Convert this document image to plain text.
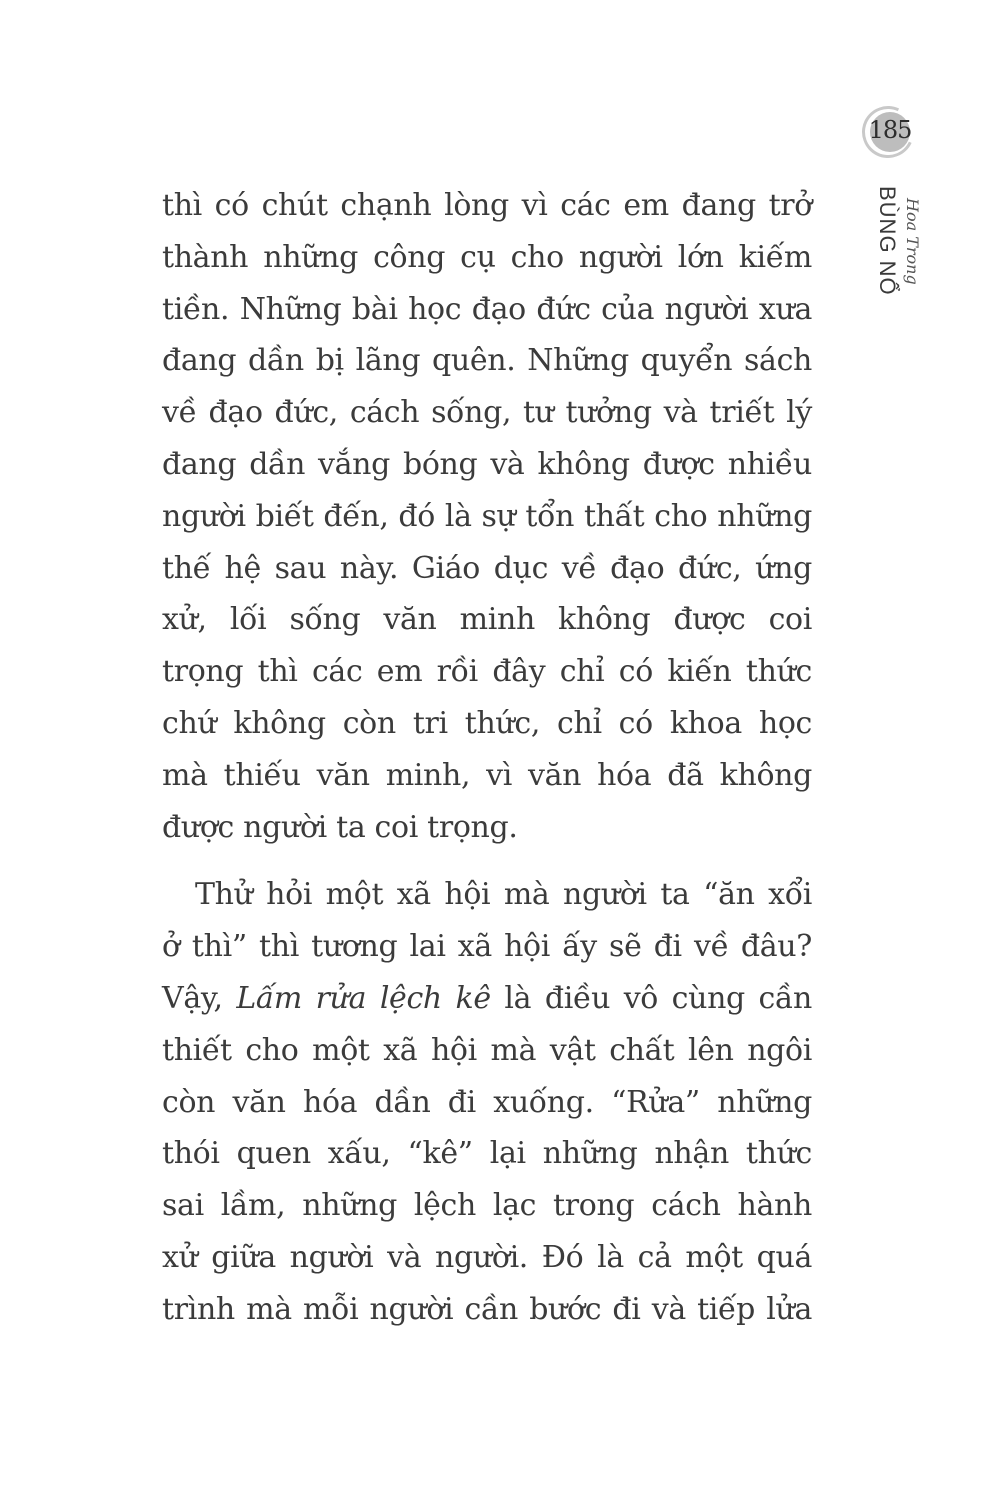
185
BÙNG NỔ Hoa Trong

thì có chút chạnh lòng vì các em đang trở
thành những công cụ cho người lớn kiếm
tiền. Những bài học đạo đức của người xưa
đang dần bị lãng quên. Những quyển sách
về đạo đức, cách sống, tư tưởng và triết lý
đang dần vắng bóng và không được nhiều
người biết đến, đó là sự tổn thất cho những
thế hệ sau này. Giáo dục về đạo đức, ứng
xử, lối sống văn minh không được coi
trọng thì các em rồi đây chỉ có kiến thức
chứ không còn tri thức, chỉ có khoa học
mà thiếu văn minh, vì văn hóa đã không
được người ta coi trọng.

Thử hỏi một xã hội mà người ta “ăn xổi
ở thì” thì tương lai xã hội ấy sẽ đi về đâu?
Vậy, Lấm rửa lệch kê là điều vô cùng cần
thiết cho một xã hội mà vật chất lên ngôi
còn văn hóa dần đi xuống. “Rửa” những
thói quen xấu, “kê” lại những nhận thức
sai lầm, những lệch lạc trong cách hành
xử giữa người và người. Đó là cả một quá
trình mà mỗi người cần bước đi và tiếp lửa
